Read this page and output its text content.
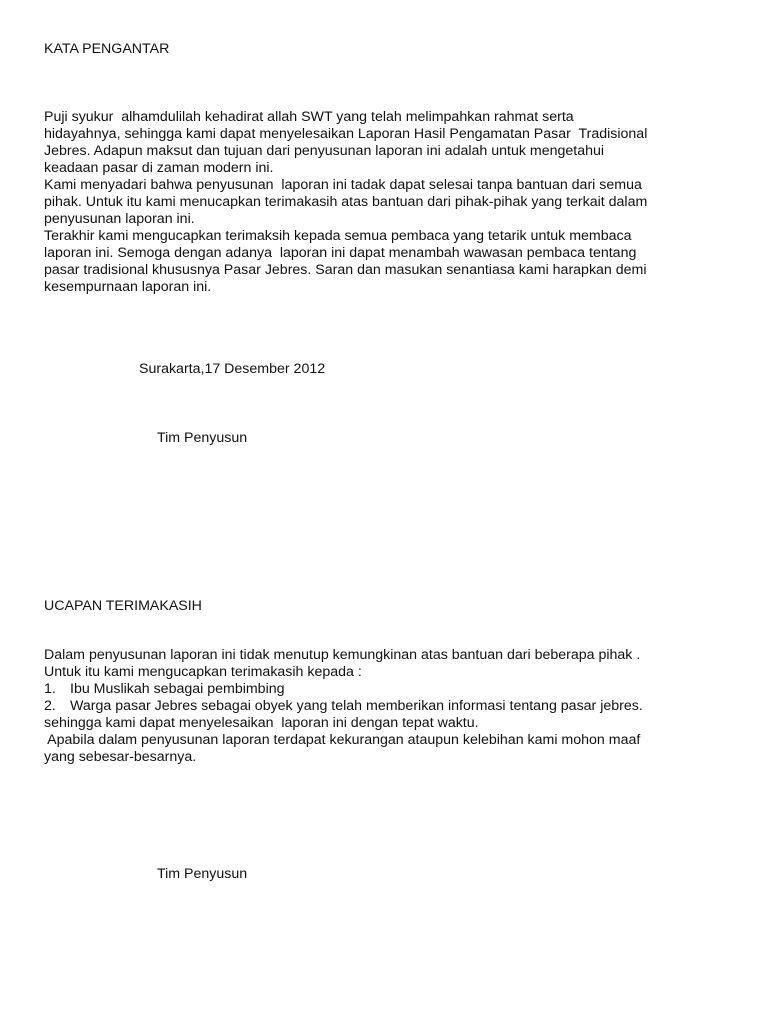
KATA PENGANTAR
Puji syukur  alhamdulilah kehadirat allah SWT yang telah melimpahkan rahmat serta
hidayahnya, sehingga kami dapat menyelesaikan Laporan Hasil Pengamatan Pasar  Tradisional
Jebres. Adapun maksut dan tujuan dari penyusunan laporan ini adalah untuk mengetahui
keadaan pasar di zaman modern ini.
Kami menyadari bahwa penyusunan  laporan ini tadak dapat selesai tanpa bantuan dari semua
pihak. Untuk itu kami menucapkan terimakasih atas bantuan dari pihak-pihak yang terkait dalam
penyusunan laporan ini.
Terakhir kami mengucapkan terimaksih kepada semua pembaca yang tetarik untuk membaca
laporan ini. Semoga dengan adanya  laporan ini dapat menambah wawasan pembaca tentang
pasar tradisional khususnya Pasar Jebres. Saran dan masukan senantiasa kami harapkan demi
kesempurnaan laporan ini.
Surakarta,17 Desember 2012
Tim Penyusun
UCAPAN TERIMAKASIH
Dalam penyusunan laporan ini tidak menutup kemungkinan atas bantuan dari beberapa pihak .
Untuk itu kami mengucapkan terimakasih kepada :
1. Ibu Muslikah sebagai pembimbing
2. Warga pasar Jebres sebagai obyek yang telah memberikan informasi tentang pasar jebres.
sehingga kami dapat menyelesaikan  laporan ini dengan tepat waktu.
Apabila dalam penyusunan laporan terdapat kekurangan ataupun kelebihan kami mohon maaf
yang sebesar-besarnya.
Tim Penyusun
